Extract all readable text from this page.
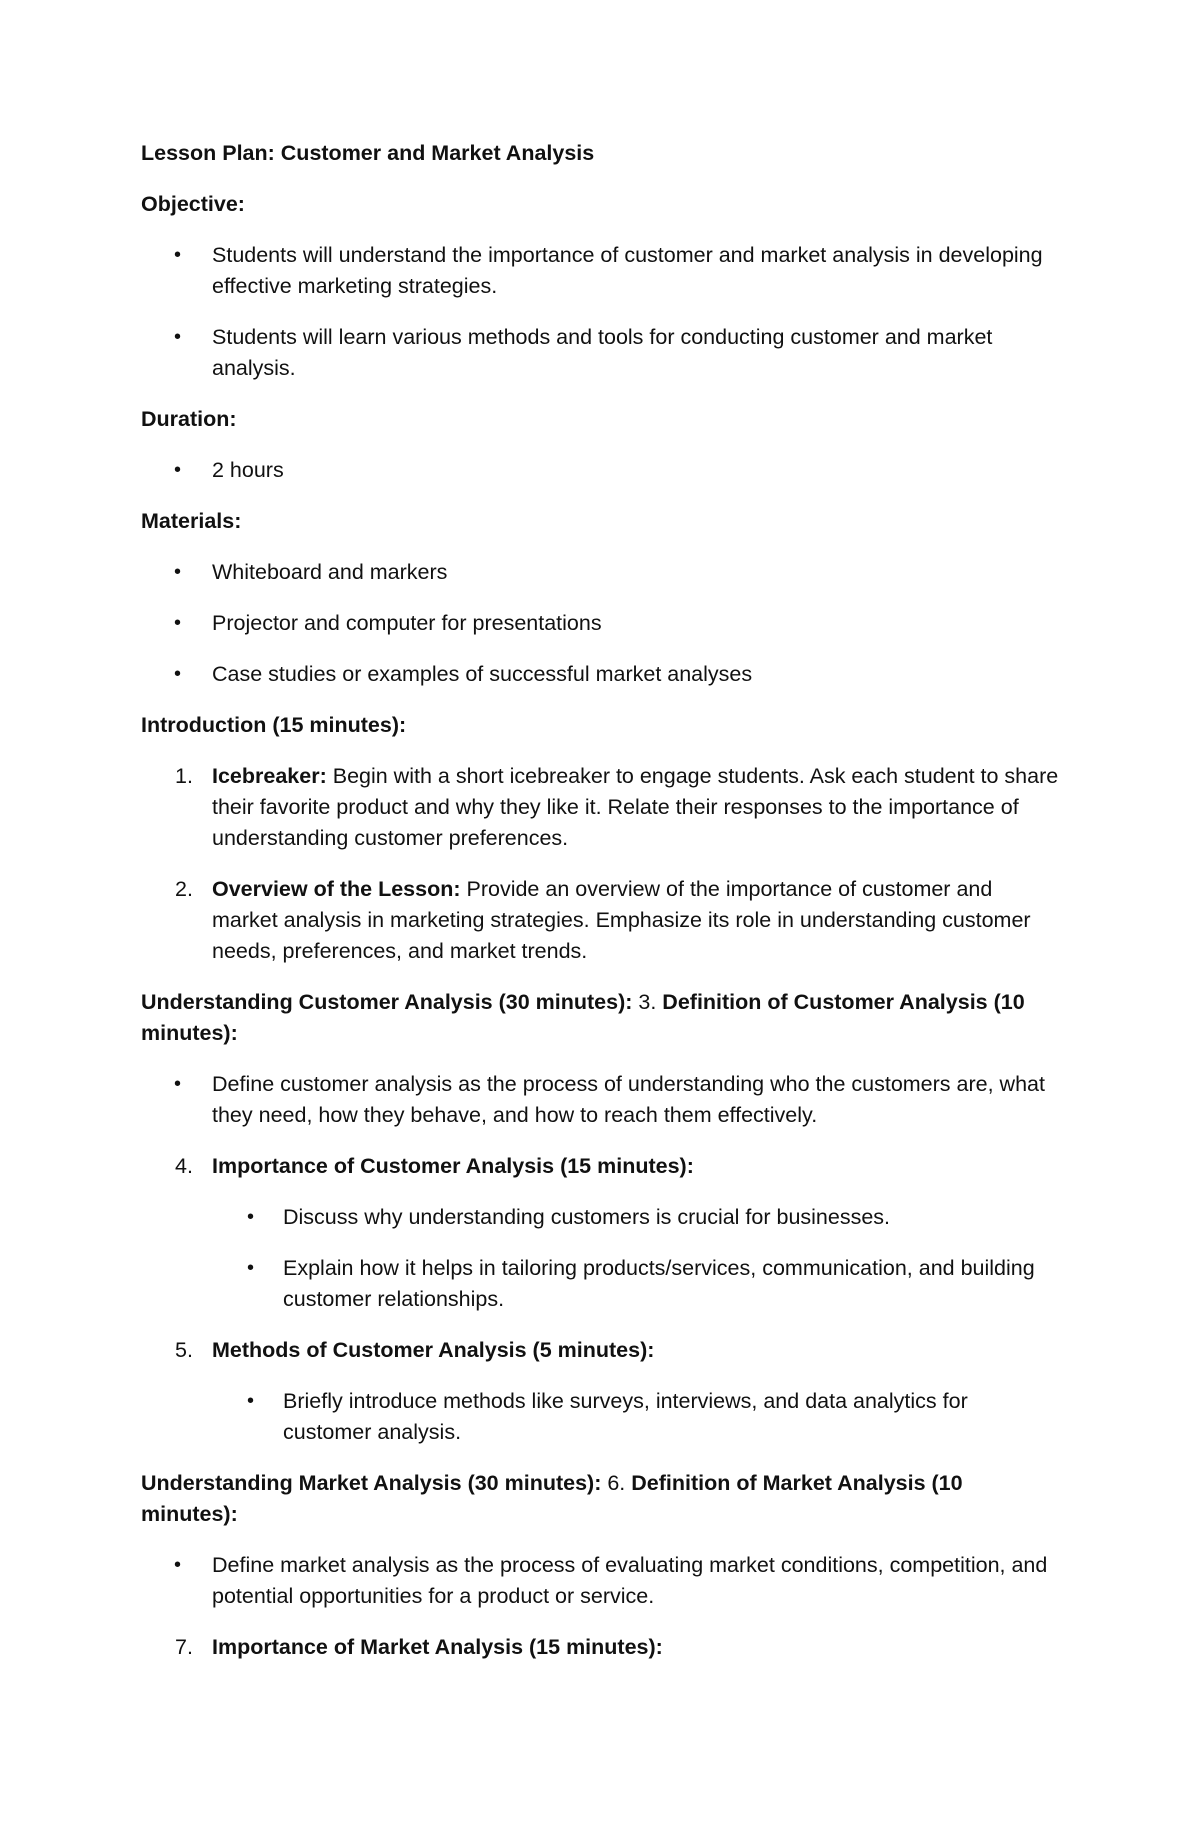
Lesson Plan: Customer and Market Analysis
Objective:
• Students will understand the importance of customer and market analysis in developing effective marketing strategies.
• Students will learn various methods and tools for conducting customer and market analysis.
Duration:
• 2 hours
Materials:
• Whiteboard and markers
• Projector and computer for presentations
• Case studies or examples of successful market analyses
Introduction (15 minutes):
1. Icebreaker: Begin with a short icebreaker to engage students. Ask each student to share their favorite product and why they like it. Relate their responses to the importance of understanding customer preferences.
2. Overview of the Lesson: Provide an overview of the importance of customer and market analysis in marketing strategies. Emphasize its role in understanding customer needs, preferences, and market trends.
Understanding Customer Analysis (30 minutes): 3. Definition of Customer Analysis (10 minutes):
• Define customer analysis as the process of understanding who the customers are, what they need, how they behave, and how to reach them effectively.
4. Importance of Customer Analysis (15 minutes):
• Discuss why understanding customers is crucial for businesses.
• Explain how it helps in tailoring products/services, communication, and building customer relationships.
5. Methods of Customer Analysis (5 minutes):
• Briefly introduce methods like surveys, interviews, and data analytics for customer analysis.
Understanding Market Analysis (30 minutes): 6. Definition of Market Analysis (10 minutes):
• Define market analysis as the process of evaluating market conditions, competition, and potential opportunities for a product or service.
7. Importance of Market Analysis (15 minutes):
